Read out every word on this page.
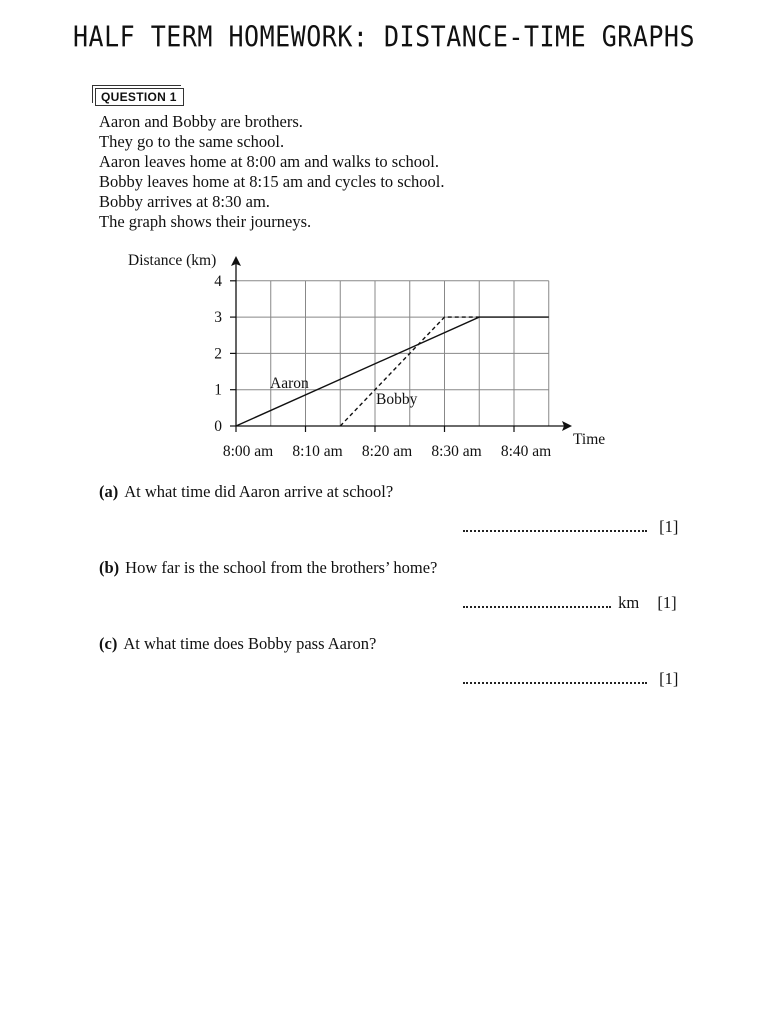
HALF TERM HOMEWORK: DISTANCE-TIME GRAPHS
QUESTION 1
Aaron and Bobby are brothers.
They go to the same school.
Aaron leaves home at 8:00 am and walks to school.
Bobby leaves home at 8:15 am and cycles to school.
Bobby arrives at 8:30 am.
The graph shows their journeys.
0
1
2
3
4
8:00 am 8:10 am 8:20 am 8:30 am 8:40 am
Distance (km)
Time
Aaron
Bobby
(a) At what time did Aaron arrive at school?
[1]
(b) How far is the school from the brothers’ home?
km [1]
(c) At what time does Bobby pass Aaron?
[1]
